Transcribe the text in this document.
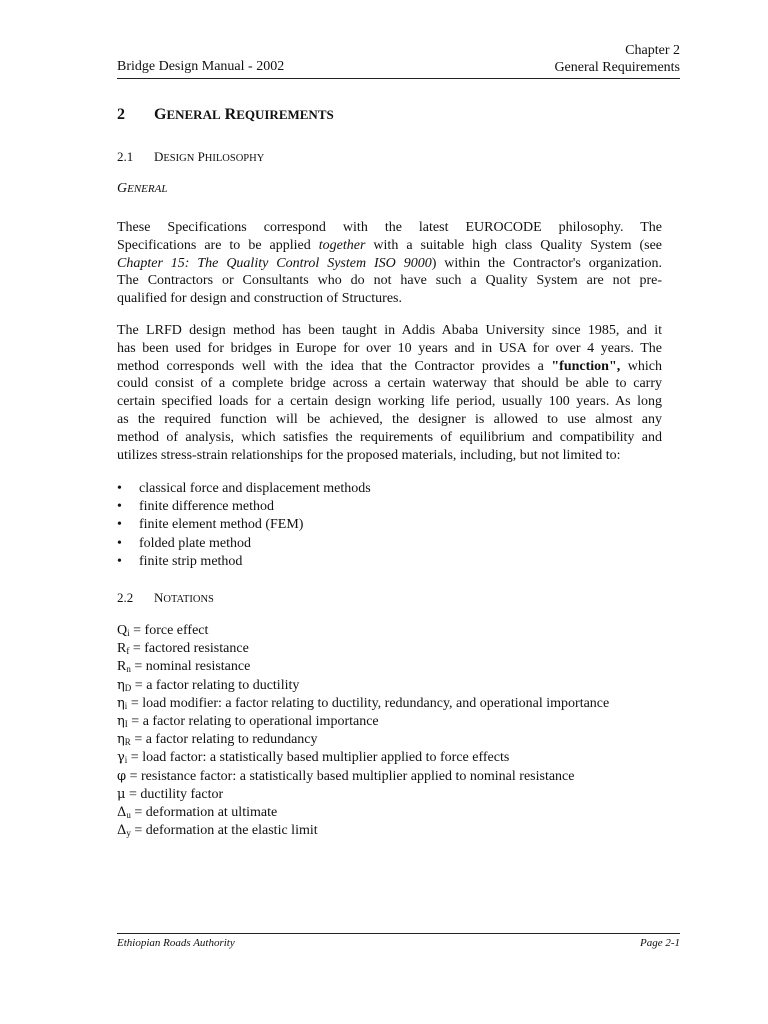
Bridge Design Manual - 2002
Chapter 2
General Requirements
2 GENERAL REQUIREMENTS
2.1 DESIGN PHILOSOPHY
GENERAL
These Specifications correspond with the latest EUROCODE philosophy. The
Specifications are to be applied together with a suitable high class Quality System (see
Chapter 15: The Quality Control System ISO 9000) within the Contractor's organization.
The Contractors or Consultants who do not have such a Quality System are not pre-
qualified for design and construction of Structures.
The LRFD design method has been taught in Addis Ababa University since 1985, and it
has been used for bridges in Europe for over 10 years and in USA for over 4 years. The
method corresponds well with the idea that the Contractor provides a "function", which
could consist of a complete bridge across a certain waterway that should be able to carry
certain specified loads for a certain design working life period, usually 100 years. As long
as the required function will be achieved, the designer is allowed to use almost any
method of analysis, which satisfies the requirements of equilibrium and compatibility and
utilizes stress-strain relationships for the proposed materials, including, but not limited to:
• classical force and displacement methods
• finite difference method
• finite element method (FEM)
• folded plate method
• finite strip method
2.2 NOTATIONS
$Q_i$ = force effect
$R_f$ = factored resistance
$R_n$ = nominal resistance
$\eta_D = a$ factor relating to ductility
$\eta_i$ = load modifier: a factor relating to ductility, redundancy, and operational importance
$\eta_I = a$ factor relating to operational importance
$\eta_R = a$ factor relating to redundancy
$\gamma_i$ = load factor: a statistically based multiplier applied to force effects
φ = resistance factor: a statistically based multiplier applied to nominal resistance
μ = ductility factor
$\Delta_u$ = deformation at ultimate
$\Delta_y$ = deformation at the elastic limit
Ethiopian Roads Authority	Page 2-1
